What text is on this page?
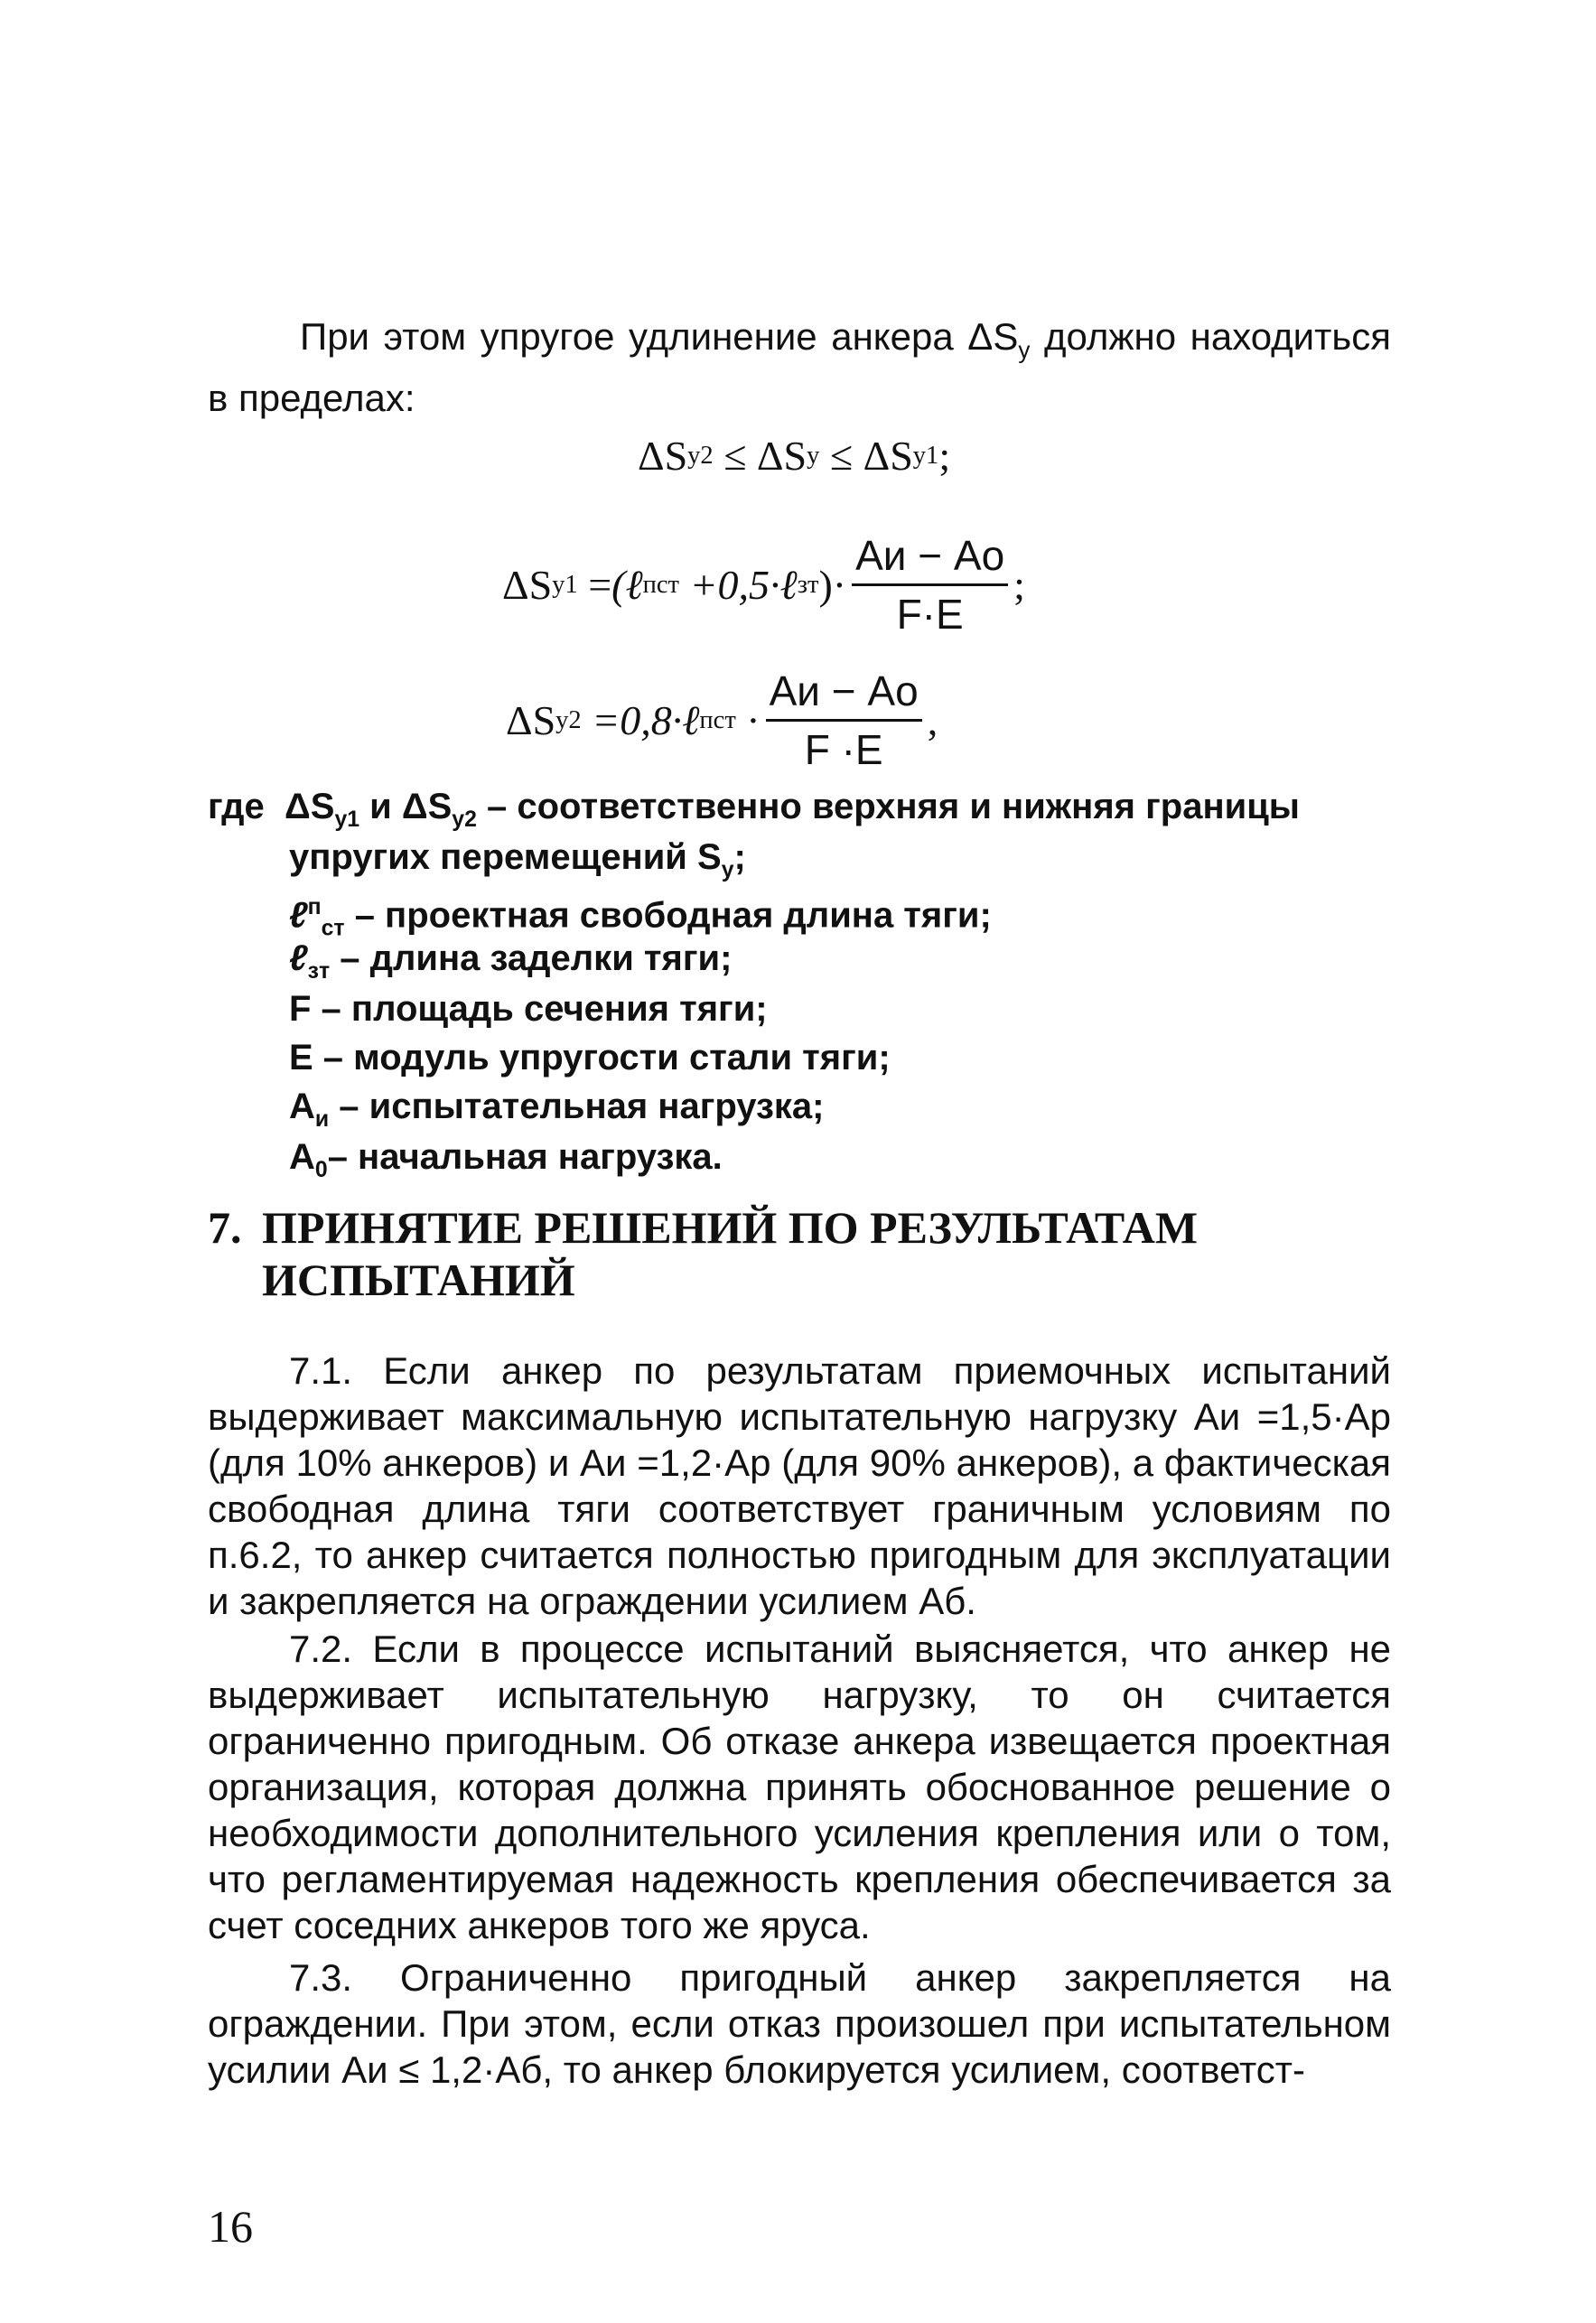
При этом упругое удлинение анкера $\Delta S_у$ должно находиться в пределах:
ΔS y2 ≤ ΔS y ≤ ΔS y1 ;
ΔS y1 = (ℓ п ст
+0,5·ℓ зт )· $\frac{Aи - Ao}{F\cdot E}$ ;
ΔS y2
=0,8·ℓ п ст · $\frac{Aи - Ao}{F \cdot E}$ ,
где  $\Delta S_{y1}$ и $\Delta S_{y2}$ – соответственно верхняя и нижняя границы
упругих перемещений $S_y$;
ℓ$^п_{ст}$ – проектная свободная длина тяги;
ℓ$_{зт}$ – длина заделки тяги;
F – площадь сечения тяги;
E – модуль упругости стали тяги;
$A_и$ – испытательная нагрузка;
$A_0-$ начальная нагрузка.
7. ПРИНЯТИЕ РЕШЕНИЙ ПО РЕЗУЛЬТАТАМ
ИСПЫТАНИЙ
7.1. Если анкер по результатам приемочных испытаний выдерживает максимальную испытательную нагрузку Aи =1,5·Aр (для 10% анкеров) и Aи =1,2·Aр (для 90% анкеров), а фактическая свободная длина тяги соответствует граничным условиям по п.6.2, то анкер считается полностью пригодным для эксплуатации и закрепляется на ограждении усилием Aб.
7.2. Если в процессе испытаний выясняется, что анкер не выдерживает испытательную нагрузку, то он считается ограниченно пригодным. Об отказе анкера извещается проектная организация, которая должна принять обоснованное решение о необходимости дополнительного усиления крепления или о том, что регламентируемая надежность крепления обеспечивается за счет соседних анкеров того же яруса.
7.3. Ограниченно пригодный анкер закрепляется на ограждении. При этом, если отказ произошел при испытательном усилии Aи ≤ 1,2·Aб, то анкер блокируется усилием, соответст-
16
